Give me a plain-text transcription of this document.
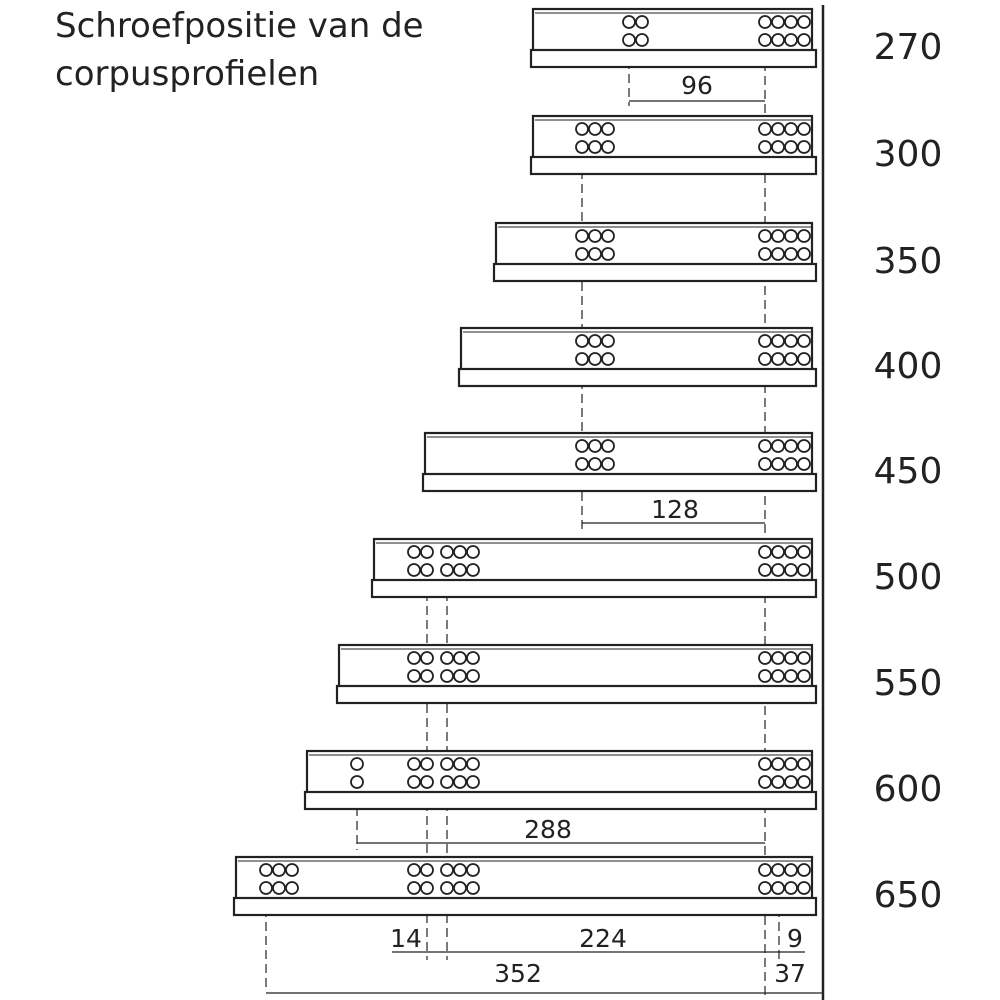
Schroefpositie van de
corpusprofielen
270
300
350
400
450
500
550
600
650
96
128
288
14	224	9
352	37
